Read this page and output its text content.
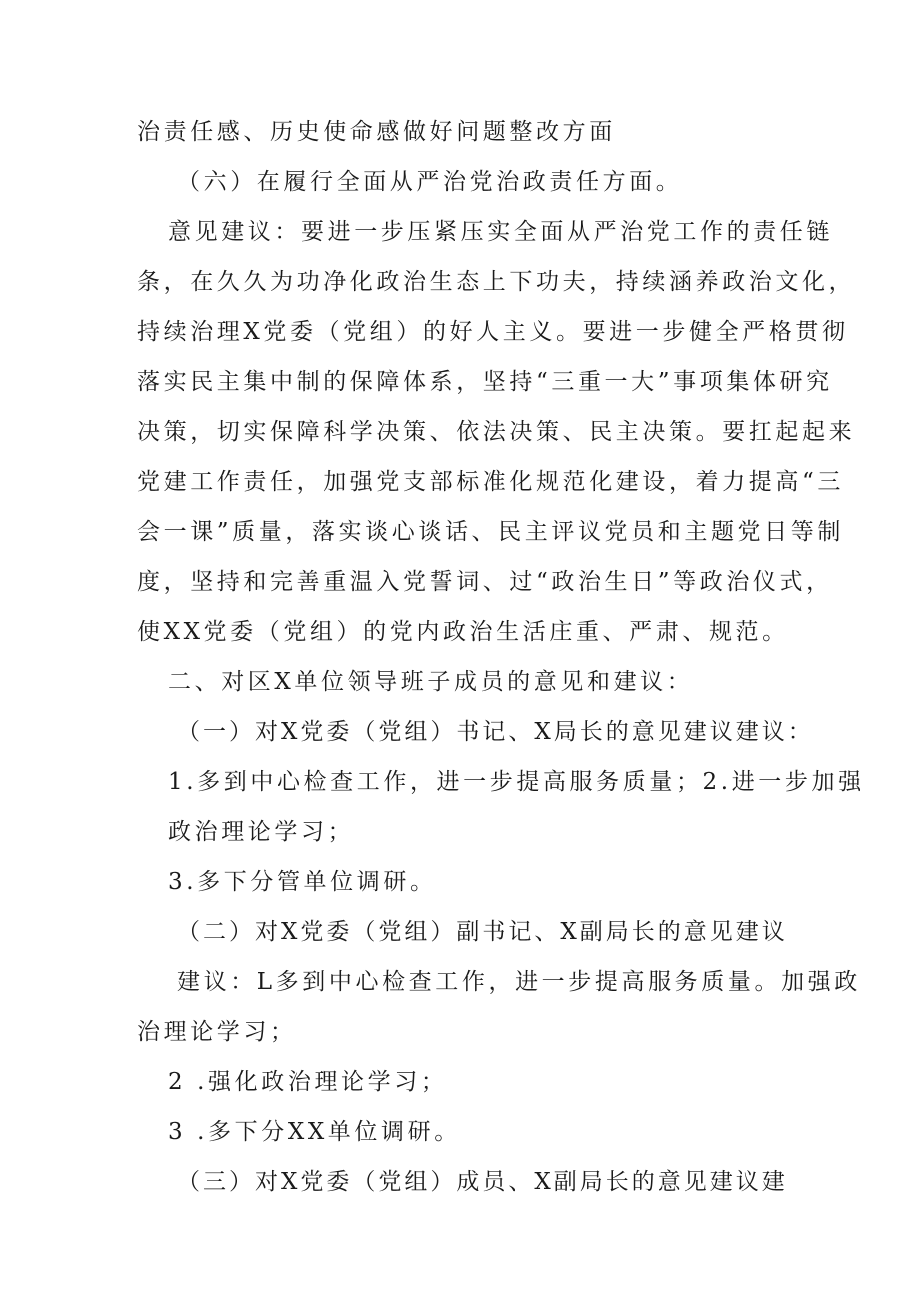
治责任感、历史使命感做好问题整改方面
（六）在履行全面从严治党治政责任方面。
意见建议：要进一步压紧压实全面从严治党工作的责任链
条，在久久为功净化政治生态上下功夫，持续涵养政治文化，
持续治理X党委（党组）的好人主义。要进一步健全严格贯彻
落实民主集中制的保障体系，坚持“三重一大”事项集体研究
决策，切实保障科学决策、依法决策、民主决策。要扛起起来
党建工作责任，加强党支部标准化规范化建设，着力提高“三
会一课”质量，落实谈心谈话、民主评议党员和主题党日等制
度，坚持和完善重温入党誓词、过“政治生日”等政治仪式，
使XX党委（党组）的党内政治生活庄重、严肃、规范。
二、对区X单位领导班子成员的意见和建议：
（一）对X党委（党组）书记、X局长的意见建议建议：
1.多到中心检查工作，进一步提高服务质量；2.进一步加强
政治理论学习；
3.多下分管单位调研。
（二）对X党委（党组）副书记、X副局长的意见建议
建议：L多到中心检查工作，进一步提高服务质量。加强政
治理论学习；
2 .强化政治理论学习；
3 .多下分XX单位调研。
（三）对X党委（党组）成员、X副局长的意见建议建
